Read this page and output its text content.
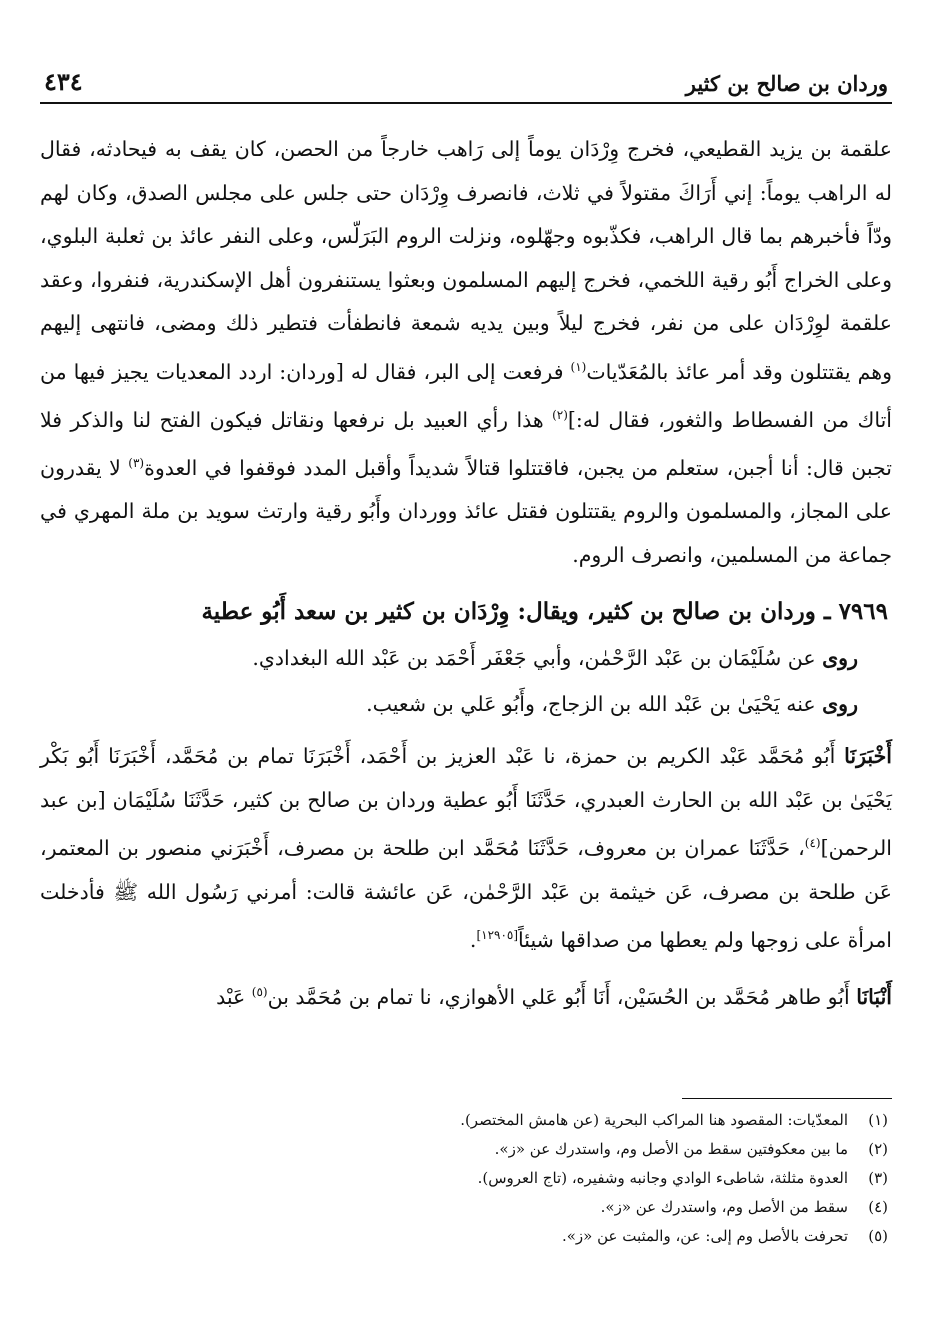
وردان بن صالح بن كثير
٤٣٤

علقمة بن يزيد القطيعي، فخرج وِرْدَان يوماً إلى رَاهب خارجاً من الحصن، كان يقف به فيحادثه، فقال له الراهب يوماً: إني أَرَاكَ مقتولاً في ثلاث، فانصرف وِرْدَان حتى جلس على مجلس الصدق، وكان لهم ودّاً فأخبرهم بما قال الراهب، فكذّبوه وجهّلوه، ونزلت الروم البَرَلّس، وعلى النفر عائذ بن ثعلبة البلوي، وعلى الخراج أَبُو رقية اللخمي، فخرج إليهم المسلمون وبعثوا يستنفرون أهل الإسكندرية، فنفروا، وعقد علقمة لوِرْدَان على من نفر، فخرج ليلاً وبين يديه شمعة فانطفأت فتطير ذلك ومضى، فانتهى إليهم وهم يقتتلون وقد أمر عائذ بالمُعَدّيات$^{(١)}$ فرفعت إلى البر، فقال له [وردان: اردد المعديات يجيز فيها من أتاك من الفسطاط والثغور، فقال له:]$^{(٢)}$ هذا رأي العبيد بل نرفعها ونقاتل فيكون الفتح لنا والذكر فلا تجبن قال: أنا أجبن، ستعلم من يجبن، فاقتتلوا قتالاً شديداً وأقبل المدد فوقفوا في العدوة$^{(٣)}$ لا يقدرون على المجاز، والمسلمون والروم يقتتلون فقتل عائذ ووردان وأَبُو رقية وارتث سويد بن ملة المهري في جماعة من المسلمين، وانصرف الروم.

٧٩٦٩ ـ وردان بن صالح بن كثير، ويقال: وِرْدَان بن كثير بن سعد أَبُو عطية

روى عن سُلَيْمَان بن عَبْد الرَّحْمٰن، وأبي جَعْفَر أَحْمَد بن عَبْد الله البغدادي.

روى عنه يَحْيَىٰ بن عَبْد الله بن الزجاج، وأَبُو عَلي بن شعيب.

أَخْبَرَنَا أَبُو مُحَمَّد عَبْد الكريم بن حمزة، نا عَبْد العزيز بن أَحْمَد، أَخْبَرَنَا تمام بن مُحَمَّد، أَخْبَرَنَا أَبُو بَكْر يَحْيَىٰ بن عَبْد الله بن الحارث العبدري، حَدَّثَنَا أَبُو عطية وردان بن صالح بن كثير، حَدَّثَنَا سُلَيْمَان [بن عبد الرحمن]$^{(٤)}$، حَدَّثَنَا عمران بن معروف، حَدَّثَنَا مُحَمَّد ابن طلحة بن مصرف، أَخْبَرَني منصور بن المعتمر، عَن طلحة بن مصرف، عَن خيثمة بن عَبْد الرَّحْمٰن، عَن عائشة قالت: أمرني رَسُول الله ﷺ فأدخلت امرأة على زوجها ولم يعطها من صداقها شيئاً[١٢٩٠٥].

أَنْبَانَا أَبُو طاهر مُحَمَّد بن الحُسَيْن، أَنَا أَبُو عَلي الأهوازي، نا تمام بن مُحَمَّد بن$^{(٥)}$ عَبْد

(١)
المعدّيات: المقصود هنا المراكب البحرية (عن هامش المختصر).
(٢)
ما بين معكوفتين سقط من الأصل وم، واستدرك عن «ز».
(٣)
العدوة مثلثة، شاطىء الوادي وجانبه وشفيره، (تاج العروس).
(٤)
سقط من الأصل وم، واستدرك عن «ز».
(٥)
تحرفت بالأصل وم إلى: عن، والمثبت عن «ز».
